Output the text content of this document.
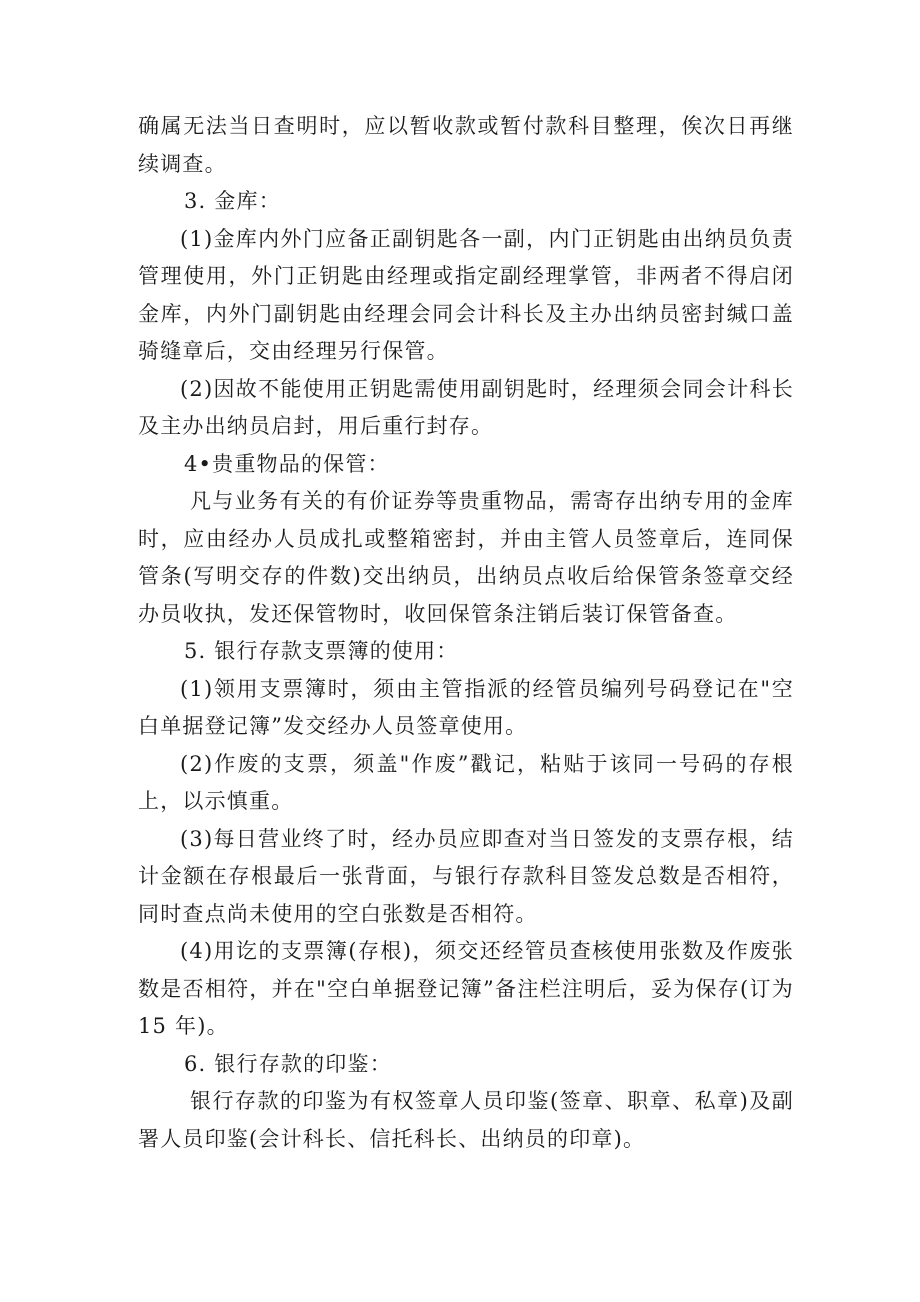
确属无法当日查明时，应以暂收款或暂付款科目整理，俟次日再继续调查。

3. 金库：

(1)金库内外门应备正副钥匙各一副，内门正钥匙由出纳员负责管理使用，外门正钥匙由经理或指定副经理掌管，非两者不得启闭金库，内外门副钥匙由经理会同会计科长及主办出纳员密封缄口盖骑缝章后，交由经理另行保管。

(2)因故不能使用正钥匙需使用副钥匙时，经理须会同会计科长及主办出纳员启封，用后重行封存。

4•贵重物品的保管：

凡与业务有关的有价证券等贵重物品，需寄存出纳专用的金库时，应由经办人员成扎或整箱密封，并由主管人员签章后，连同保管条(写明交存的件数)交出纳员，出纳员点收后给保管条签章交经办员收执，发还保管物时，收回保管条注销后装订保管备查。

5. 银行存款支票簿的使用：

(1)领用支票簿时，须由主管指派的经管员编列号码登记在"空白单据登记簿”发交经办人员签章使用。

(2)作废的支票，须盖"作废”戳记，粘贴于该同一号码的存根上，以示慎重。

(3)每日营业终了时，经办员应即查对当日签发的支票存根，结计金额在存根最后一张背面，与银行存款科目签发总数是否相符，同时查点尚未使用的空白张数是否相符。

(4)用讫的支票簿(存根)，须交还经管员查核使用张数及作废张数是否相符，并在"空白单据登记簿”备注栏注明后，妥为保存(订为 15 年)。

6. 银行存款的印鉴：

银行存款的印鉴为有权签章人员印鉴(签章、职章、私章)及副署人员印鉴(会计科长、信托科长、出纳员的印章)。
